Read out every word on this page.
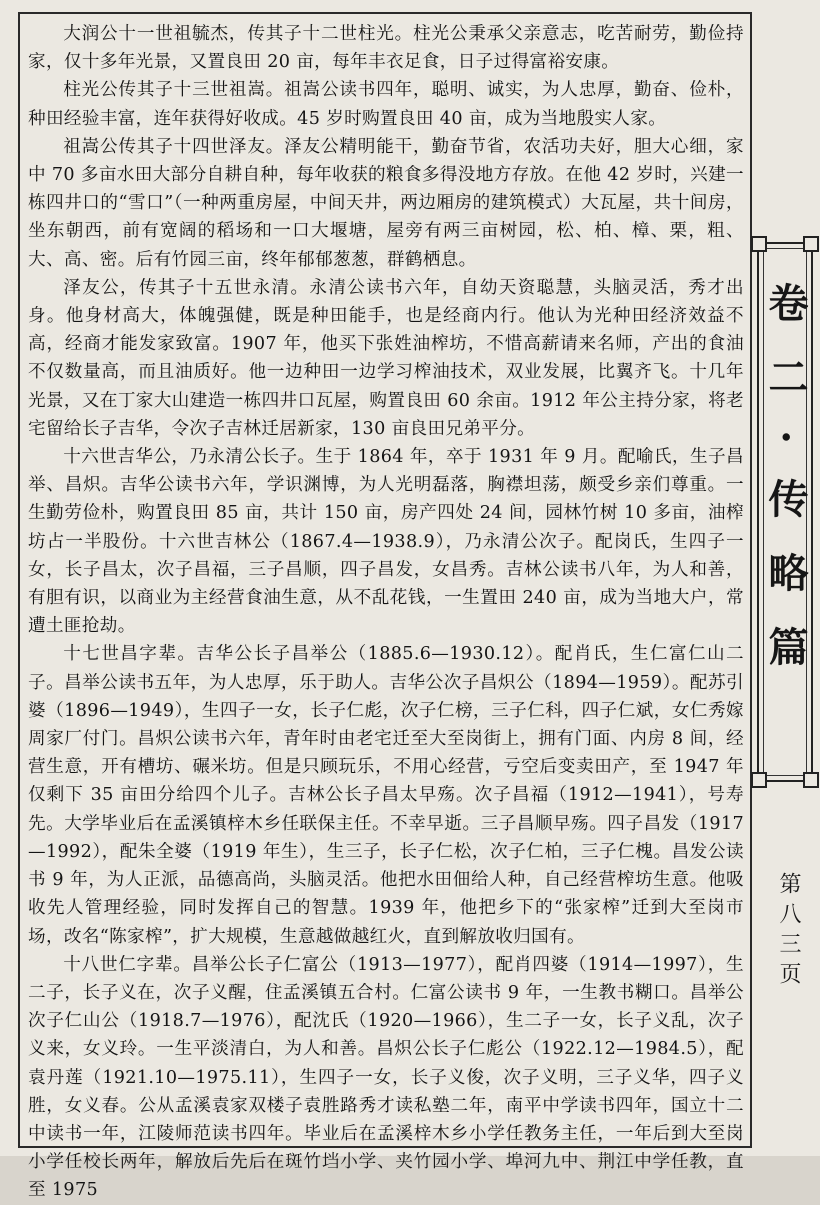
大润公十一世祖毓杰，传其子十二世柱光。柱光公秉承父亲意志，吃苦耐劳，勤俭持家，仅十多年光景，又置良田 20 亩，每年丰衣足食，日子过得富裕安康。

柱光公传其子十三世祖嵩。祖嵩公读书四年，聪明、诚实，为人忠厚，勤奋、俭朴，种田经验丰富，连年获得好收成。45 岁时购置良田 40 亩，成为当地殷实人家。

祖嵩公传其子十四世泽友。泽友公精明能干，勤奋节省，农活功夫好，胆大心细，家中 70 多亩水田大部分自耕自种，每年收获的粮食多得没地方存放。在他 42 岁时，兴建一栋四井口的“雪口”（一种两重房屋，中间天井，两边厢房的建筑模式）大瓦屋，共十间房，坐东朝西，前有宽阔的稻场和一口大堰塘，屋旁有两三亩树园，松、柏、樟、栗，粗、大、高、密。后有竹园三亩，终年郁郁葱葱，群鹤栖息。

泽友公，传其子十五世永清。永清公读书六年，自幼天资聪慧，头脑灵活，秀才出身。他身材高大，体魄强健，既是种田能手，也是经商内行。他认为光种田经济效益不高，经商才能发家致富。1907 年，他买下张姓油榨坊，不惜高薪请来名师，产出的食油不仅数量高，而且油质好。他一边种田一边学习榨油技术，双业发展，比翼齐飞。十几年光景，又在丁家大山建造一栋四井口瓦屋，购置良田 60 余亩。1912 年公主持分家，将老宅留给长子吉华，令次子吉林迁居新家，130 亩良田兄弟平分。

十六世吉华公，乃永清公长子。生于 1864 年，卒于 1931 年 9 月。配喻氏，生子昌举、昌炽。吉华公读书六年，学识渊博，为人光明磊落，胸襟坦荡，颇受乡亲们尊重。一生勤劳俭朴，购置良田 85 亩，共计 150 亩，房产四处 24 间，园林竹树 10 多亩，油榨坊占一半股份。十六世吉林公（1867.4—1938.9），乃永清公次子。配岗氏，生四子一女，长子昌太，次子昌福，三子昌顺，四子昌发，女昌秀。吉林公读书八年，为人和善，有胆有识，以商业为主经营食油生意，从不乱花钱，一生置田 240 亩，成为当地大户，常遭土匪抢劫。

十七世昌字辈。吉华公长子昌举公（1885.6—1930.12）。配肖氏，生仁富仁山二子。昌举公读书五年，为人忠厚，乐于助人。吉华公次子昌炽公（1894—1959）。配苏引婆（1896—1949），生四子一女，长子仁彪，次子仁榜，三子仁科，四子仁斌，女仁秀嫁周家厂付门。昌炽公读书六年，青年时由老宅迁至大至岗街上，拥有门面、内房 8 间，经营生意，开有槽坊、碾米坊。但是只顾玩乐，不用心经营，亏空后变卖田产，至 1947 年仅剩下 35 亩田分给四个儿子。吉林公长子昌太早殇。次子昌福（1912—1941），号寿先。大学毕业后在孟溪镇梓木乡任联保主任。不幸早逝。三子昌顺早殇。四子昌发（1917—1992），配朱全婆（1919 年生），生三子，长子仁松，次子仁柏，三子仁槐。昌发公读书 9 年，为人正派，品德高尚，头脑灵活。他把水田佃给人种，自己经营榨坊生意。他吸收先人管理经验，同时发挥自己的智慧。1939 年，他把乡下的“张家榨”迁到大至岗市场，改名“陈家榨”，扩大规模，生意越做越红火，直到解放收归国有。

十八世仁字辈。昌举公长子仁富公（1913—1977），配肖四婆（1914—1997），生二子，长子义在，次子义醒，住孟溪镇五合村。仁富公读书 9 年，一生教书糊口。昌举公次子仁山公（1918.7—1976），配沈氏（1920—1966），生二子一女，长子义乱，次子义来，女义玲。一生平淡清白，为人和善。昌炽公长子仁彪公（1922.12—1984.5），配袁丹莲（1921.10—1975.11），生四子一女，长子义俊，次子义明，三子义华，四子义胜，女义春。公从孟溪袁家双楼子袁胜路秀才读私塾二年，南平中学读书四年，国立十二中读书一年，江陵师范读书四年。毕业后在孟溪梓木乡小学任教务主任，一年后到大至岗小学任校长两年，解放后先后在斑竹垱小学、夹竹园小学、埠河九中、荆江中学任教，直至 1975

卷二·传略篇
第八三页
